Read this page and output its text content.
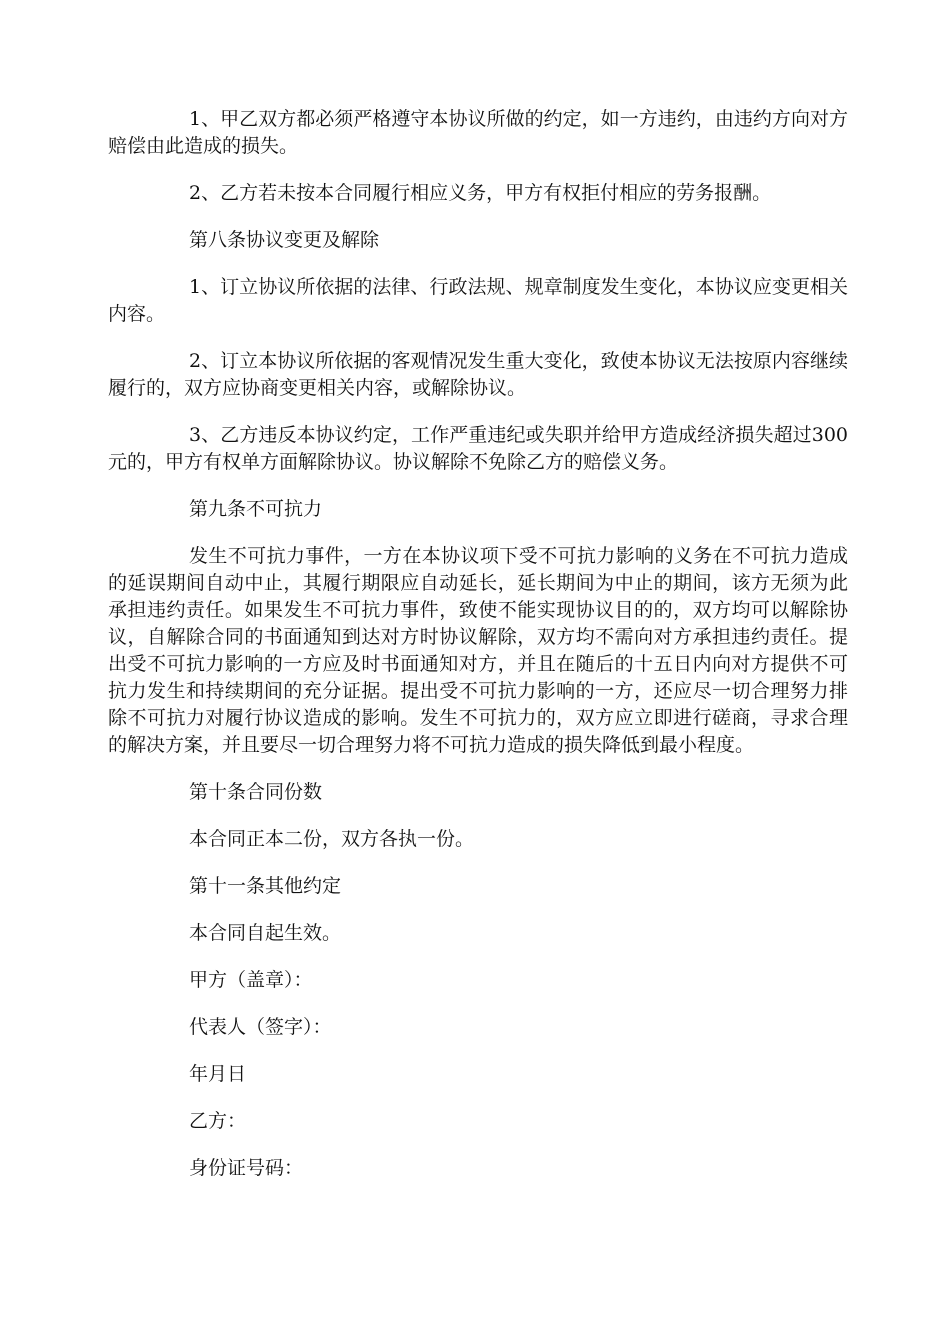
1、甲乙双方都必须严格遵守本协议所做的约定，如一方违约，由违约方向对方赔偿由此造成的损失。

2、乙方若未按本合同履行相应义务，甲方有权拒付相应的劳务报酬。

第八条协议变更及解除

1、订立协议所依据的法律、行政法规、规章制度发生变化，本协议应变更相关内容。

2、订立本协议所依据的客观情况发生重大变化，致使本协议无法按原内容继续履行的，双方应协商变更相关内容，或解除协议。

3、乙方违反本协议约定，工作严重违纪或失职并给甲方造成经济损失超过300元的，甲方有权单方面解除协议。协议解除不免除乙方的赔偿义务。

第九条不可抗力

发生不可抗力事件，一方在本协议项下受不可抗力影响的义务在不可抗力造成的延误期间自动中止，其履行期限应自动延长，延长期间为中止的期间，该方无须为此承担违约责任。如果发生不可抗力事件，致使不能实现协议目的的，双方均可以解除协议，自解除合同的书面通知到达对方时协议解除，双方均不需向对方承担违约责任。提出受不可抗力影响的一方应及时书面通知对方，并且在随后的十五日内向对方提供不可抗力发生和持续期间的充分证据。提出受不可抗力影响的一方，还应尽一切合理努力排除不可抗力对履行协议造成的影响。发生不可抗力的，双方应立即进行磋商，寻求合理的解决方案，并且要尽一切合理努力将不可抗力造成的损失降低到最小程度。

第十条合同份数

本合同正本二份，双方各执一份。

第十一条其他约定

本合同自起生效。

甲方（盖章）：

代表人（签字）：

年月日

乙方：

身份证号码：
